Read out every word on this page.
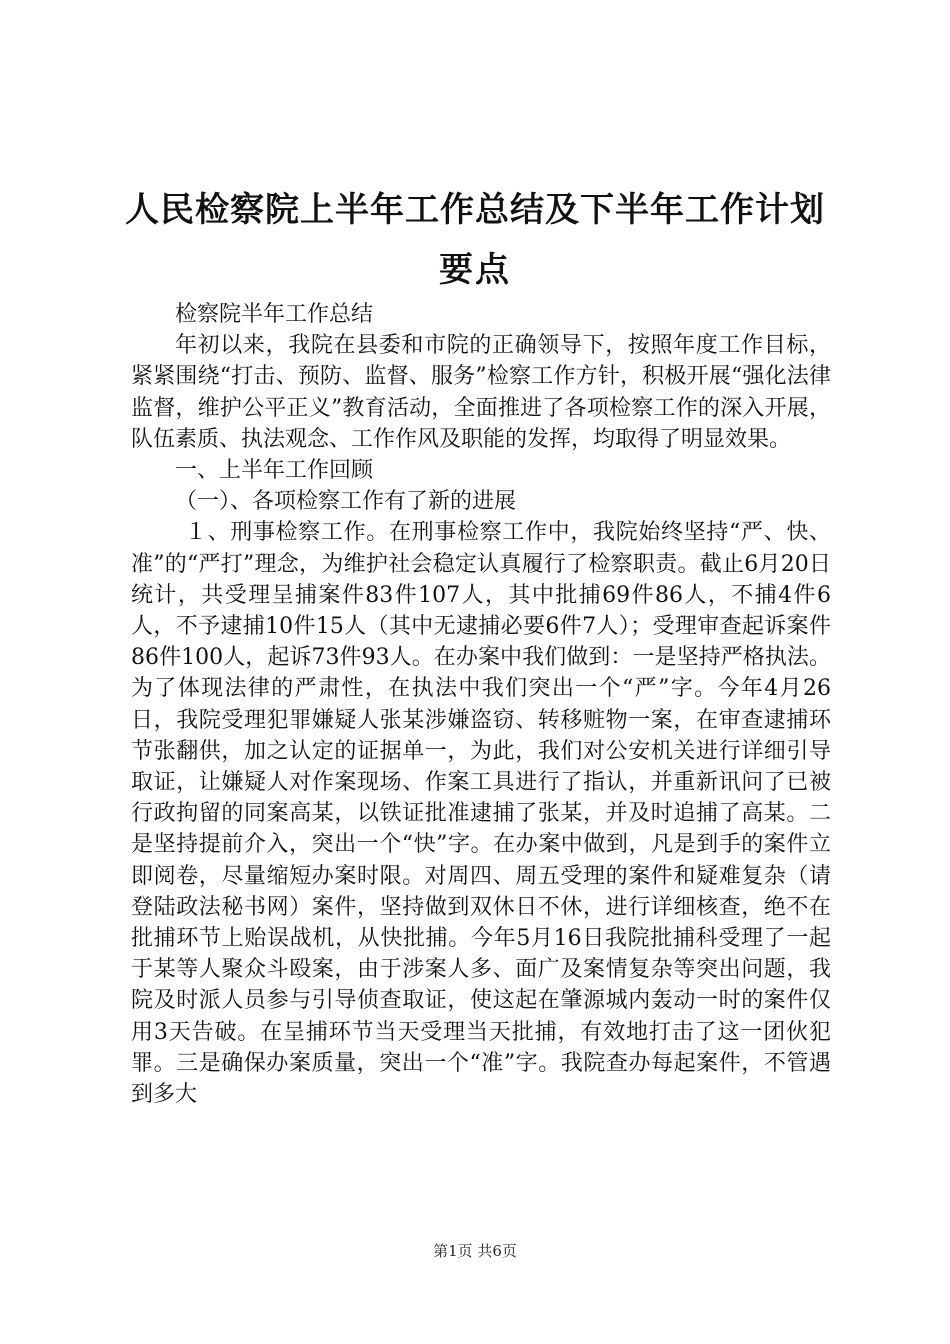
人民检察院上半年工作总结及下半年工作计划
要点

检察院半年工作总结

年初以来，我院在县委和市院的正确领导下，按照年度工作目标，紧紧围绕“打击、预防、监督、服务”检察工作方针，积极开展“强化法律监督，维护公平正义”教育活动，全面推进了各项检察工作的深入开展，队伍素质、执法观念、工作作风及职能的发挥，均取得了明显效果。

一、上半年工作回顾

（一）、各项检察工作有了新的进展

１、刑事检察工作。在刑事检察工作中，我院始终坚持“严、快、准”的“严打”理念，为维护社会稳定认真履行了检察职责。截止6月20日统计，共受理呈捕案件83件107人，其中批捕69件86人，不捕4件6人，不予逮捕10件15人（其中无逮捕必要6件7人）；受理审查起诉案件86件100人，起诉73件93人。在办案中我们做到：一是坚持严格执法。为了体现法律的严肃性，在执法中我们突出一个“严”字。今年4月26日，我院受理犯罪嫌疑人张某涉嫌盗窃、转移赃物一案，在审查逮捕环节张翻供，加之认定的证据单一，为此，我们对公安机关进行详细引导取证，让嫌疑人对作案现场、作案工具进行了指认，并重新讯问了已被行政拘留的同案高某，以铁证批准逮捕了张某，并及时追捕了高某。二是坚持提前介入，突出一个“快”字。在办案中做到，凡是到手的案件立即阅卷，尽量缩短办案时限。对周四、周五受理的案件和疑难复杂（请登陆政法秘书网）案件，坚持做到双休日不休，进行详细核查，绝不在批捕环节上贻误战机，从快批捕。今年5月16日我院批捕科受理了一起于某等人聚众斗殴案，由于涉案人多、面广及案情复杂等突出问题，我院及时派人员参与引导侦查取证，使这起在肇源城内轰动一时的案件仅用3天告破。在呈捕环节当天受理当天批捕，有效地打击了这一团伙犯罪。三是确保办案质量，突出一个“准”字。我院查办每起案件，不管遇到多大

第1页 共6页
